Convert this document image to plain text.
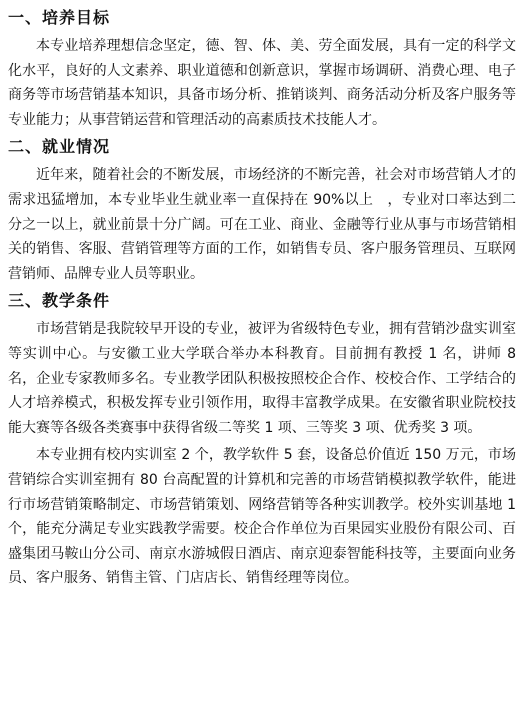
一、培养目标

本专业培养理想信念坚定，德、智、体、美、劳全面发展，具有一定的科学文化水平，良好的人文素养、职业道德和创新意识，掌握市场调研、消费心理、电子商务等市场营销基本知识，具备市场分析、推销谈判、商务活动分析及客户服务等专业能力；从事营销运营和管理活动的高素质技术技能人才。

二、就业情况

近年来，随着社会的不断发展，市场经济的不断完善，社会对市场营销人才的需求迅猛增加，本专业毕业生就业率一直保持在 90%以上　，专业对口率达到二分之一以上，就业前景十分广阔。可在工业、商业、金融等行业从事与市场营销相关的销售、客服、营销管理等方面的工作，如销售专员、客户服务管理员、互联网营销师、品牌专业人员等职业。

三、教学条件

市场营销是我院较早开设的专业，被评为省级特色专业，拥有营销沙盘实训室等实训中心。与安徽工业大学联合举办本科教育。目前拥有教授 1 名，讲师 8 名，企业专家教师多名。专业教学团队积极按照校企合作、校校合作、工学结合的人才培养模式，积极发挥专业引领作用，取得丰富教学成果。在安徽省职业院校技能大赛等各级各类赛事中获得省级二等奖 1 项、三等奖 3 项、优秀奖 3 项。

本专业拥有校内实训室 2 个，教学软件 5 套，设备总价值近 150 万元，市场营销综合实训室拥有 80 台高配置的计算机和完善的市场营销模拟教学软件，能进行市场营销策略制定、市场营销策划、网络营销等各种实训教学。校外实训基地 1 个，能充分满足专业实践教学需要。校企合作单位为百果园实业股份有限公司、百盛集团马鞍山分公司、南京水游城假日酒店、南京迎泰智能科技等，主要面向业务员、客户服务、销售主管、门店店长、销售经理等岗位。
